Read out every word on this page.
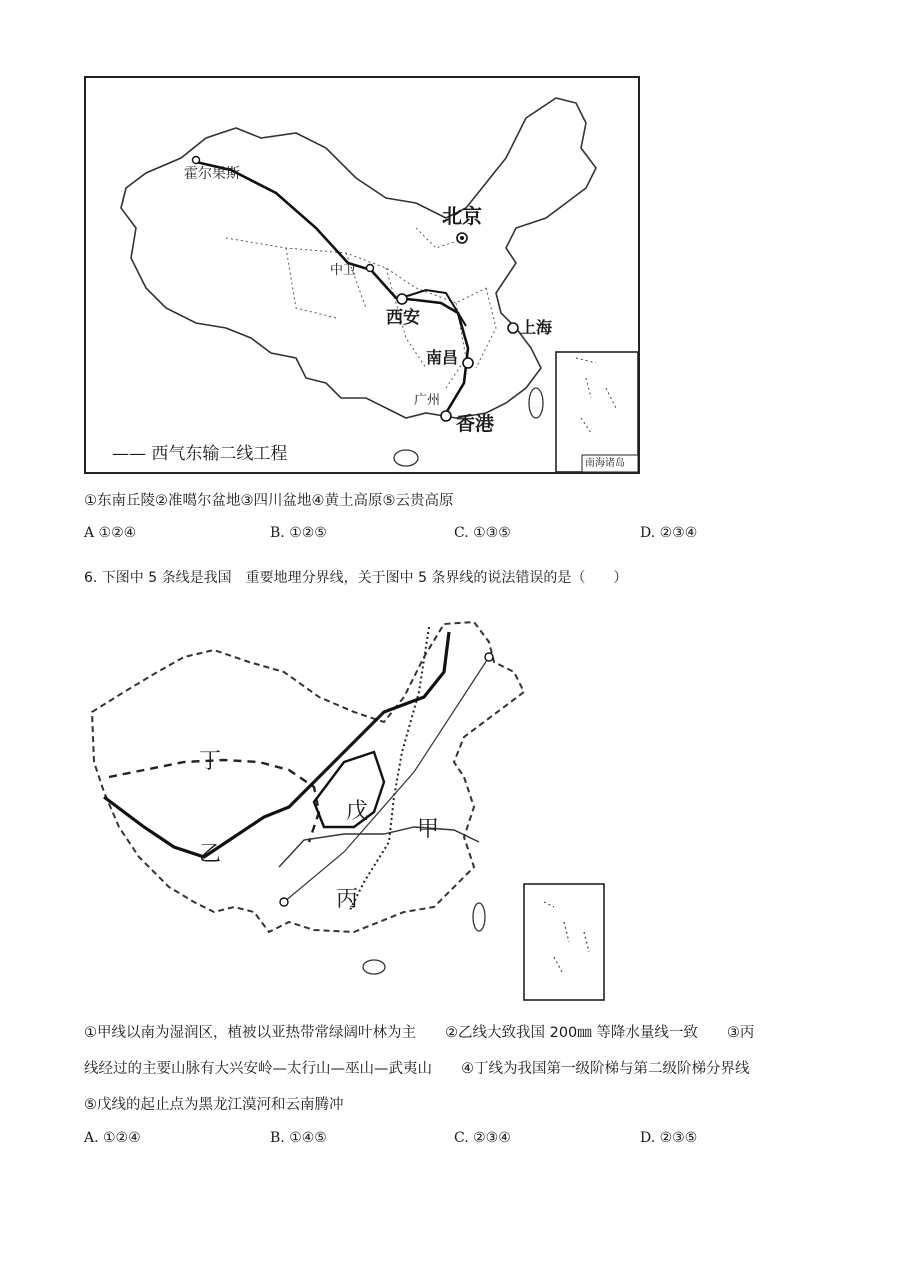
霍尔果斯
中卫
北京
西安	上海
南昌
广州
香港
—— 西气东输二线工程	南海诸岛
①东南丘陵②准噶尔盆地③四川盆地④黄土高原⑤云贵高原
A ①②④	B. ①②⑤	C. ①③⑤	D. ②③④
6. 下图中 5 条线是我国　重要地理分界线，关于图中 5 条界线的说法错误的是（　　）
丁
戊
甲
乙
丙
①甲线以南为湿润区，植被以亚热带常绿阔叶林为主　　②乙线大致我国 200㎜ 等降水量线一致　　③丙
线经过的主要山脉有大兴安岭—太行山—巫山—武夷山　　④丁线为我国第一级阶梯与第二级阶梯分界线
⑤戊线的起止点为黑龙江漠河和云南腾冲
A. ①②④	B. ①④⑤	C. ②③④	D. ②③⑤
